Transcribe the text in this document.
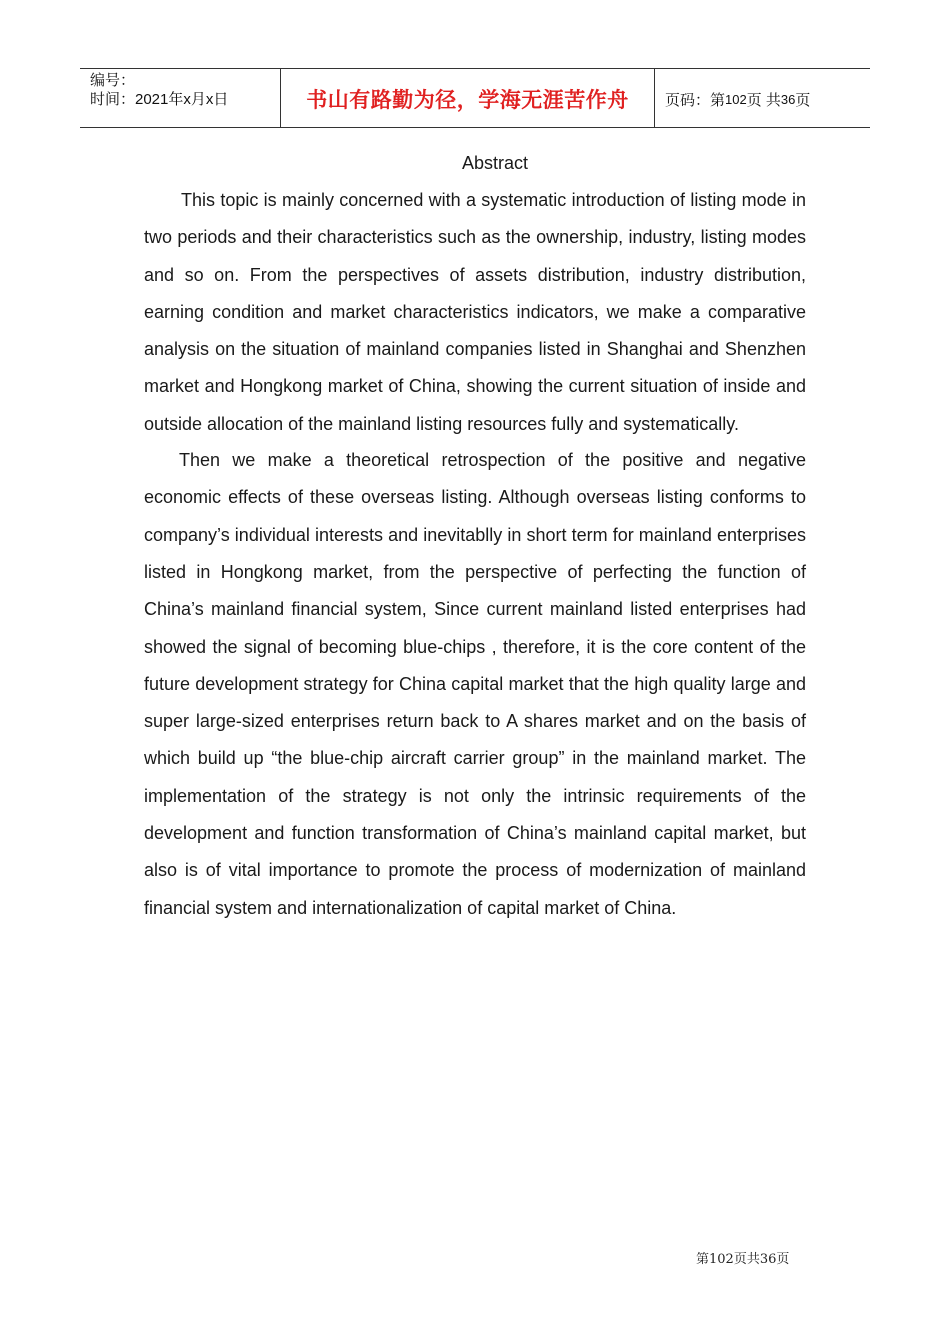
编号：
时间：2021年x月x日	书山有路勤为径，学海无涯苦作舟 页码：第 102 页 共 36 页
Abstract

This topic is mainly concerned with a systematic introduction of listing mode in two periods and their characteristics such as the ownership, industry, listing modes and so on. From the perspectives of assets distribution, industry distribution, earning condition and market characteristics indicators, we make a comparative analysis on the situation of mainland companies listed in Shanghai and Shenzhen market and Hongkong market of China, showing the current situation of inside and outside allocation of the mainland listing resources fully and systematically.

Then we make a theoretical retrospection of the positive and negative economic effects of these overseas listing. Although overseas listing conforms to company’s individual interests and inevitablly in short term for mainland enterprises listed in Hongkong market, from the perspective of perfecting the function of China’s mainland financial system, Since current mainland listed enterprises had showed the signal of becoming blue-chips , therefore, it is the core content of the future development strategy for China capital market that the high quality large and super large-sized enterprises return back to A shares market and on the basis of which build up “the blue-chip aircraft carrier group” in the mainland market. The implementation of the strategy is not only the intrinsic requirements of the development and function transformation of China’s mainland capital market, but also is of vital importance to promote the process of modernization of mainland financial system and internationalization of capital market of China.

第102页共36页
